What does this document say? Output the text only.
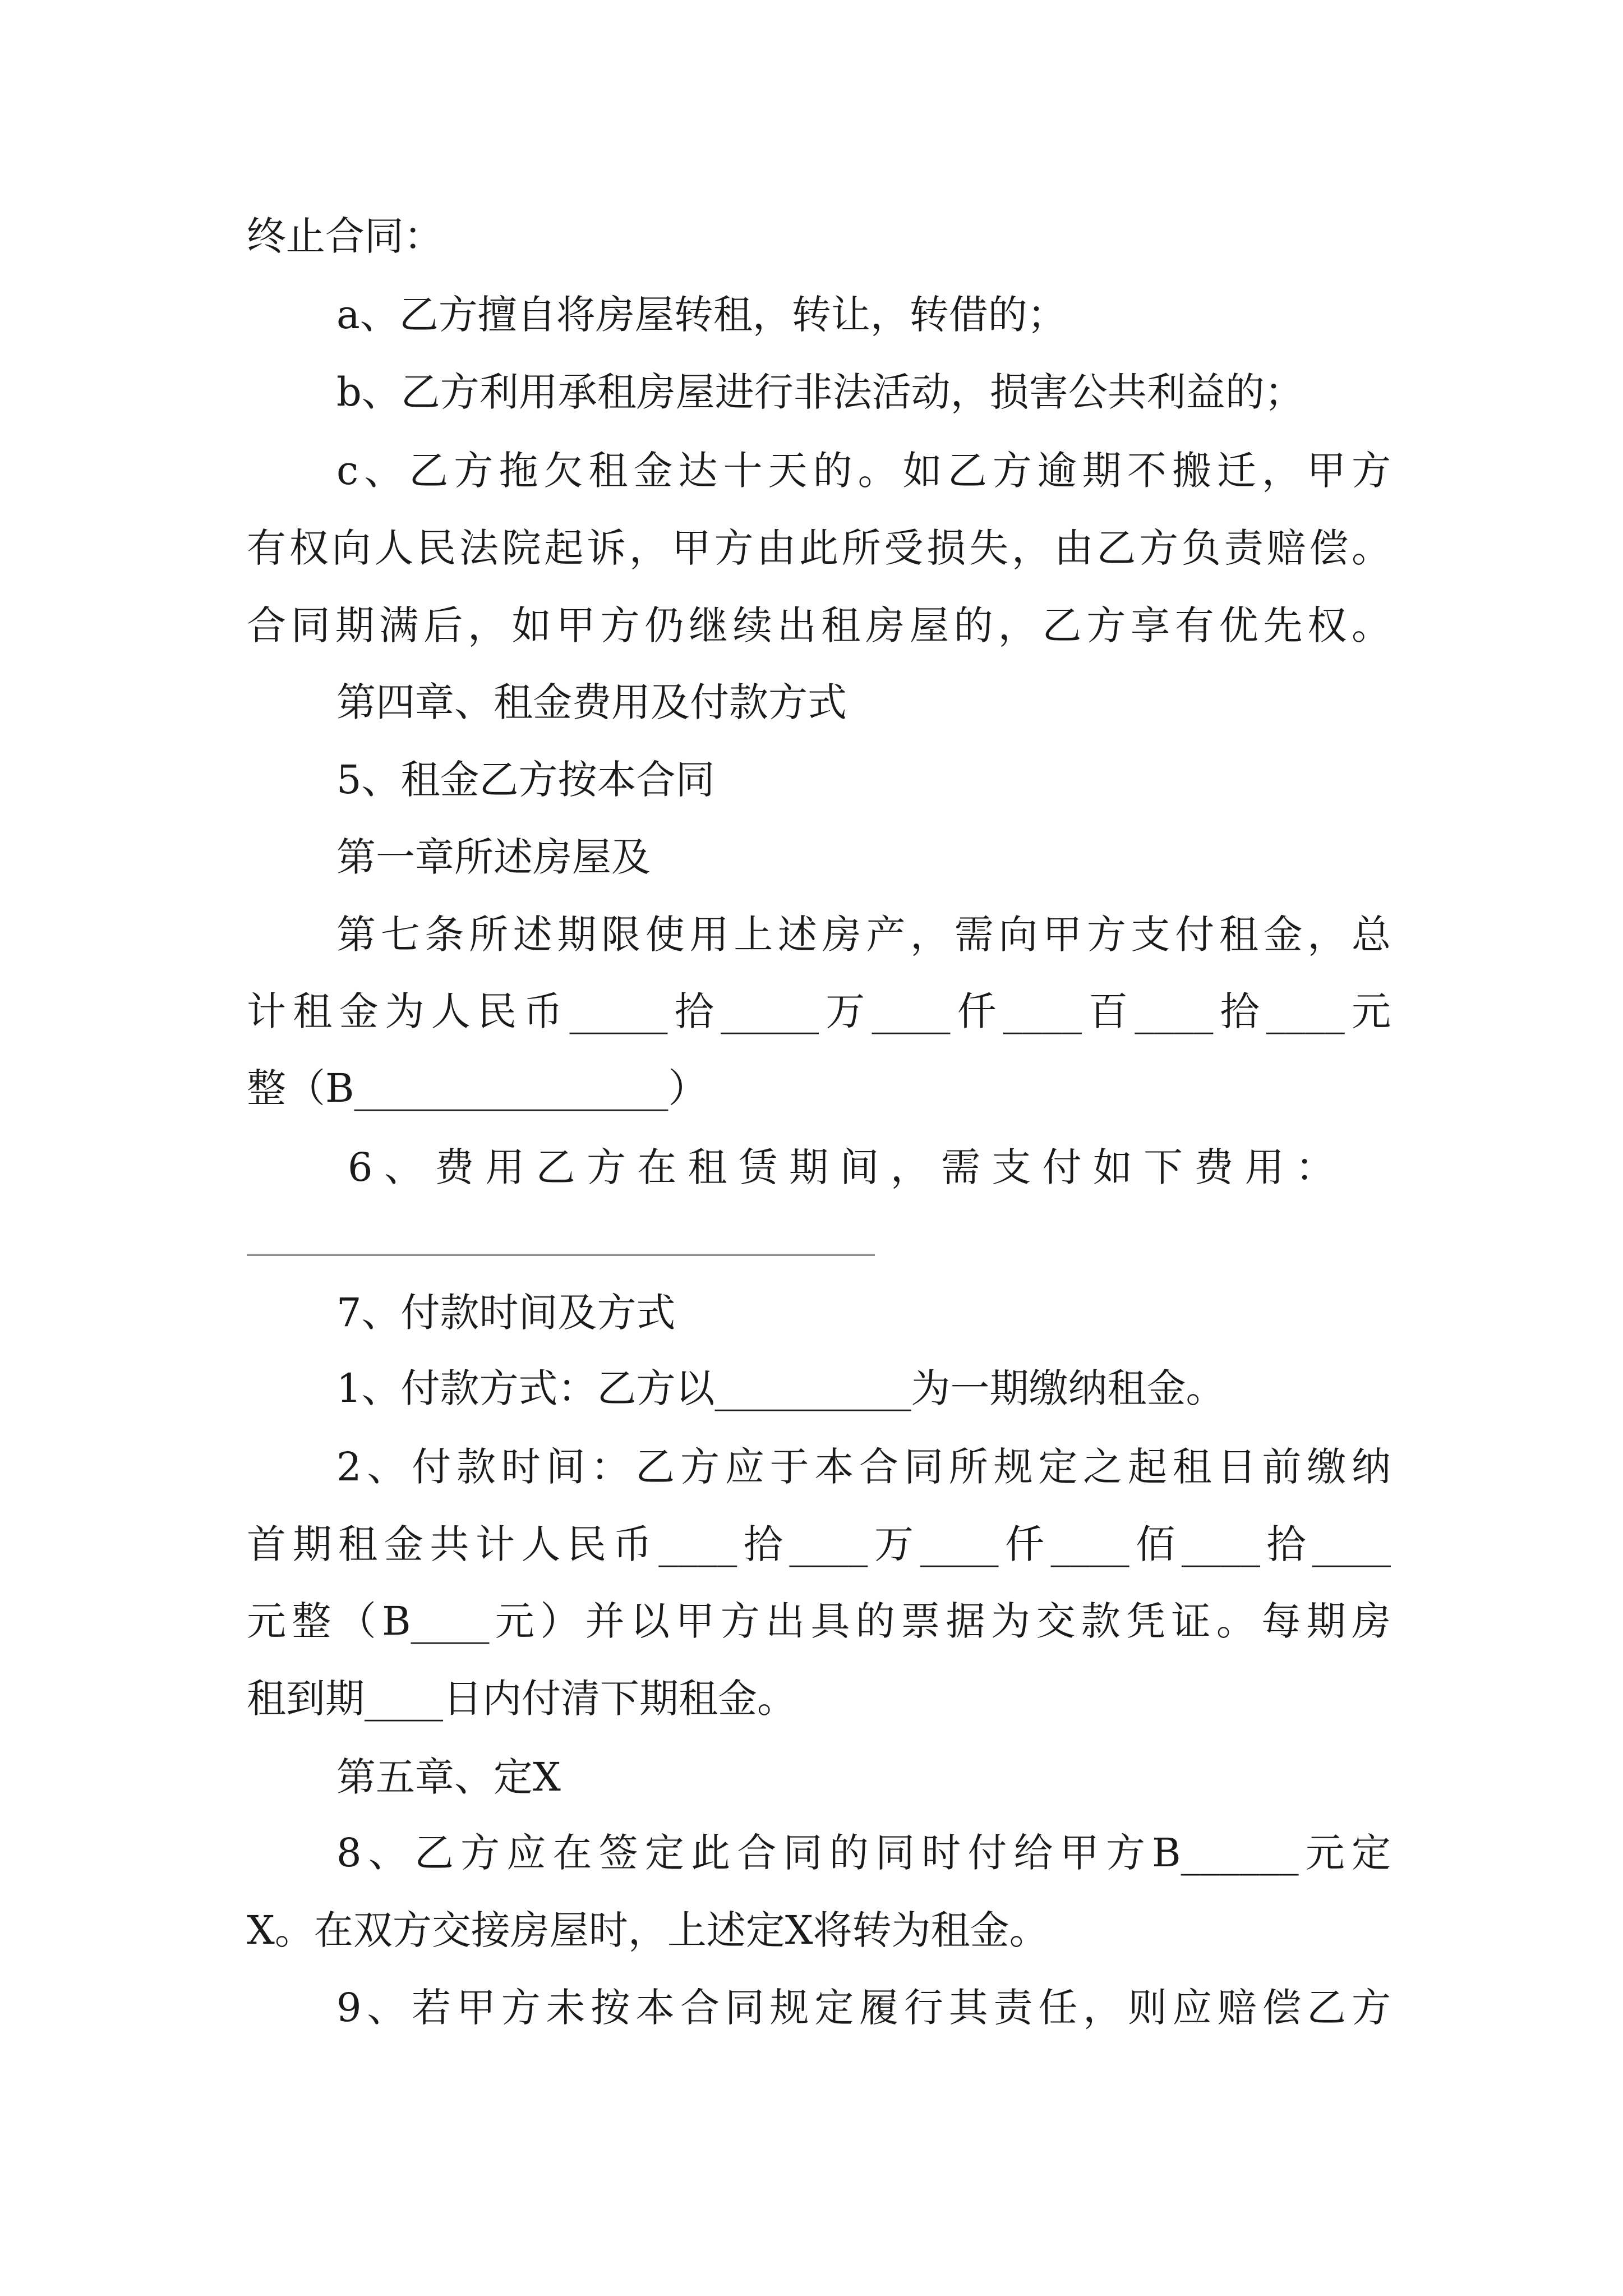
终止合同：
a、乙方擅自将房屋转租，转让，转借的；
b、乙方利用承租房屋进行非法活动，损害公共利益的；
c、乙方拖欠租金达十天的。如乙方逾期不搬迁，甲方
有权向人民法院起诉，甲方由此所受损失，由乙方负责赔偿。
合同期满后，如甲方仍继续出租房屋的，乙方享有优先权。
第四章、租金费用及付款方式
5、租金乙方按本合同
第一章所述房屋及
第七条所述期限使用上述房产，需向甲方支付租金，总
计租金为人民币_____拾_____万____仟____百____拾____元
整（B________________）
6、费用乙方在租赁期间，需支付如下费用：
7、付款时间及方式
1、付款方式：乙方以__________为一期缴纳租金。
2、付款时间：乙方应于本合同所规定之起租日前缴纳
首期租金共计人民币____拾____万____仟____佰____拾____
元整（B____元）并以甲方出具的票据为交款凭证。每期房
租到期____日内付清下期租金。
第五章、定X
8、乙方应在签定此合同的同时付给甲方B______元定
X。在双方交接房屋时，上述定X将转为租金。
9、若甲方未按本合同规定履行其责任，则应赔偿乙方
